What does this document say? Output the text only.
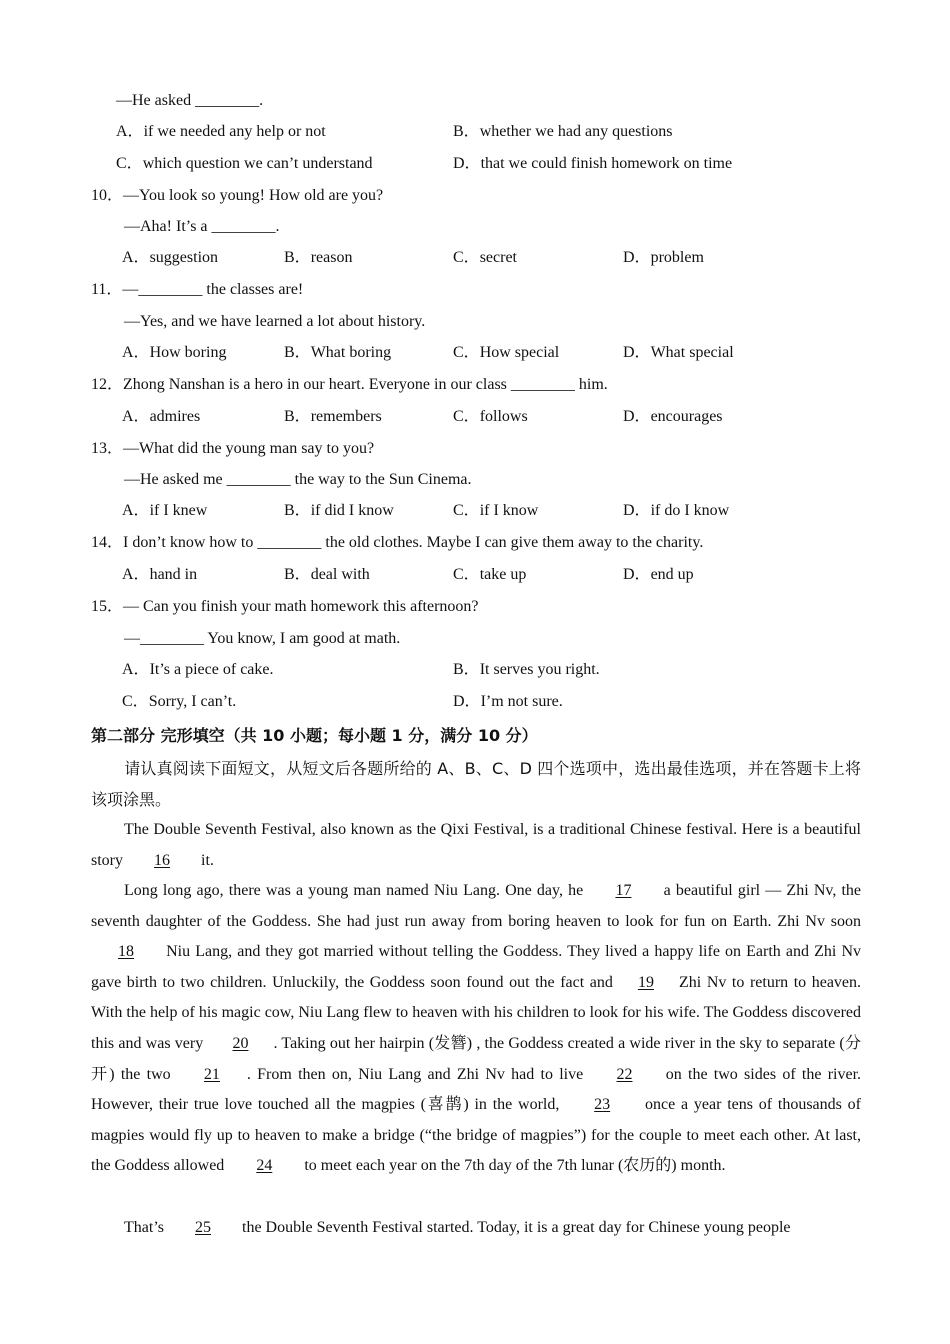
—He asked ________.
A．if we needed any help or not	B．whether we had any questions
C．which question we can’t understand	D．that we could finish homework on time
10．—You look so young! How old are you?
—Aha! It’s a ________.
A．suggestion	B．reason	C．secret	D．problem
11．—________ the classes are!
—Yes, and we have learned a lot about history.
A．How boring	B．What boring	C．How special	D．What special
12．Zhong Nanshan is a hero in our heart. Everyone in our class ________ him.
A．admires	B．remembers	C．follows	D．encourages
13．—What did the young man say to you?
—He asked me ________ the way to the Sun Cinema.
A．if I knew	B．if did I know	C．if I know	D．if do I know
14．I don’t know how to ________ the old clothes. Maybe I can give them away to the charity.
A．hand in	B．deal with	C．take up	D．end up
15．— Can you finish your math homework this afternoon?
—________ You know, I am good at math.
A．It’s a piece of cake.	B．It serves you right.
C．Sorry, I can’t.	D．I’m not sure.
第二部分 完形填空（共 10 小题；每小题 1 分，满分 10 分）
请认真阅读下面短文，从短文后各题所给的 A、B、C、D 四个选项中，选出最佳选项，并在答题卡上将该项涂黑。
The Double Seventh Festival, also known as the Qixi Festival, is a traditional Chinese festival. Here is a beautiful story 16 it.
Long long ago, there was a young man named Niu Lang. One day, he 17 a beautiful girl — Zhi Nv, the seventh daughter of the Goddess. She had just run away from boring heaven to look for fun on Earth. Zhi Nv soon 18 Niu Lang, and they got married without telling the Goddess. They lived a happy life on Earth and Zhi Nv gave birth to two children. Unluckily, the Goddess soon found out the fact and 19 Zhi Nv to return to heaven. With the help of his magic cow, Niu Lang flew to heaven with his children to look for his wife. The Goddess discovered this and was very 20 . Taking out her hairpin (发簪) , the Goddess created a wide river in the sky to separate (分开) the two 21 . From then on, Niu Lang and Zhi Nv had to live 22 on the two sides of the river. However, their true love touched all the magpies (喜鹊) in the world, 23 once a year tens of thousands of magpies would fly up to heaven to make a bridge (“the bridge of magpies”) for the couple to meet each other. At last, the Goddess allowed 24 to meet each year on the 7th day of the 7th lunar (农历的) month.
That’s 25 the Double Seventh Festival started. Today, it is a great day for Chinese young people
